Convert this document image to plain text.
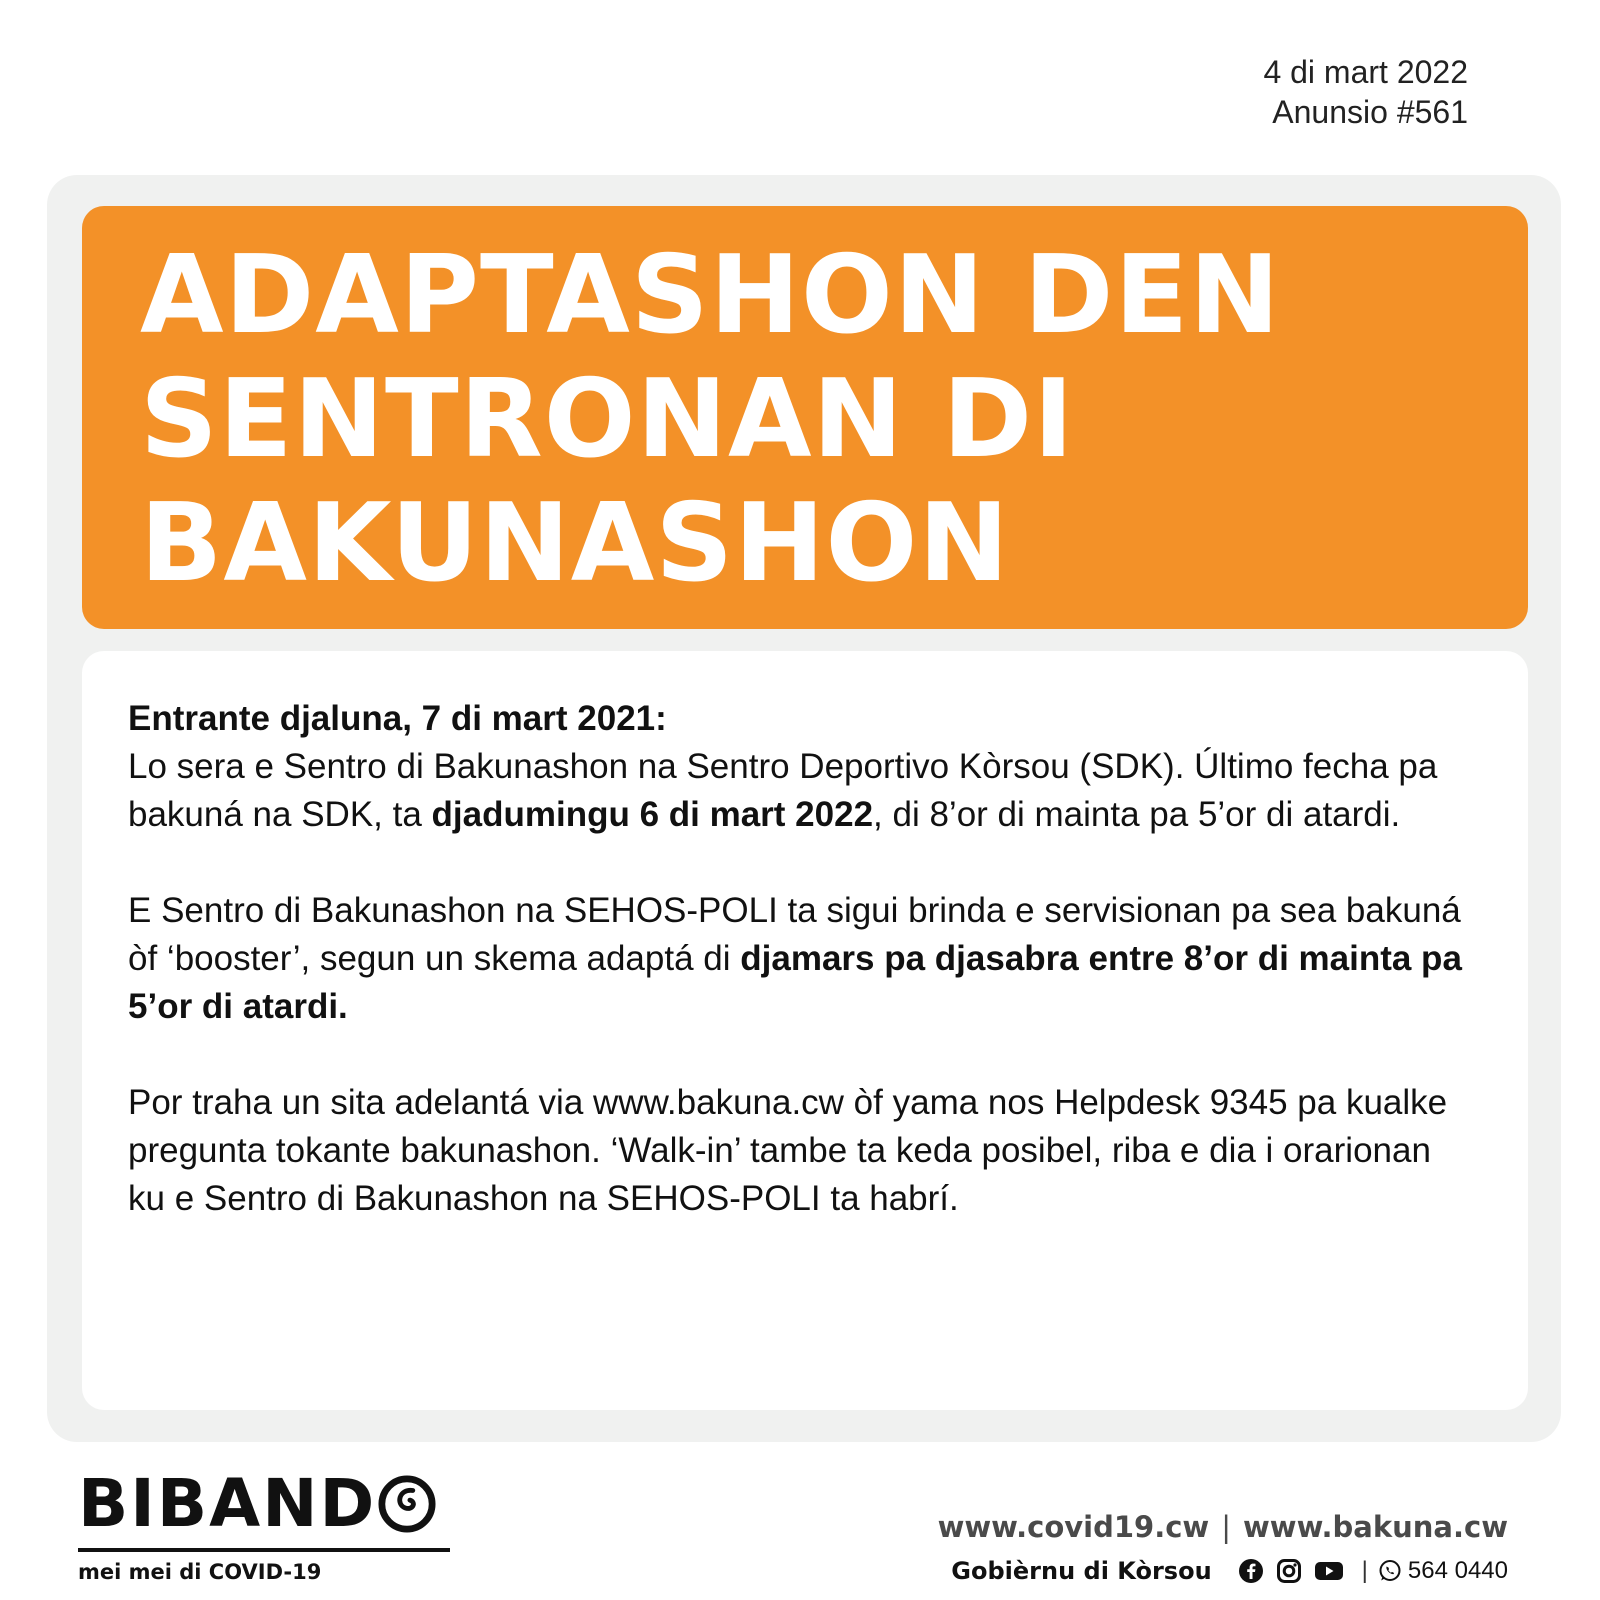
4 di mart 2022
Anunsio #561
ADAPTASHON DEN
SENTRONAN DI
BAKUNASHON

Entrante djaluna, 7 di mart 2021:
Lo sera e Sentro di Bakunashon na Sentro Deportivo Kòrsou (SDK). Último fecha pa bakuná na SDK, ta djadumingu 6 di mart 2022, di 8’or di mainta pa 5’or di atardi.

E Sentro di Bakunashon na SEHOS-POLI ta sigui brinda e servisionan pa sea bakuná òf ‘booster’, segun un skema adaptá di djamars pa djasabra entre 8’or di mainta pa 5’or di atardi.

Por traha un sita adelantá via www.bakuna.cw òf yama nos Helpdesk 9345 pa kualke pregunta tokante bakunashon. ‘Walk-in’ tambe ta keda posibel, riba e dia i orarionan ku e Sentro di Bakunashon na SEHOS-POLI ta habrí.

BIBAND
mei mei di COVID-19
www.covid19.cw | www.bakuna.cw
Gobièrnu di Kòrsou	| 564 0440
